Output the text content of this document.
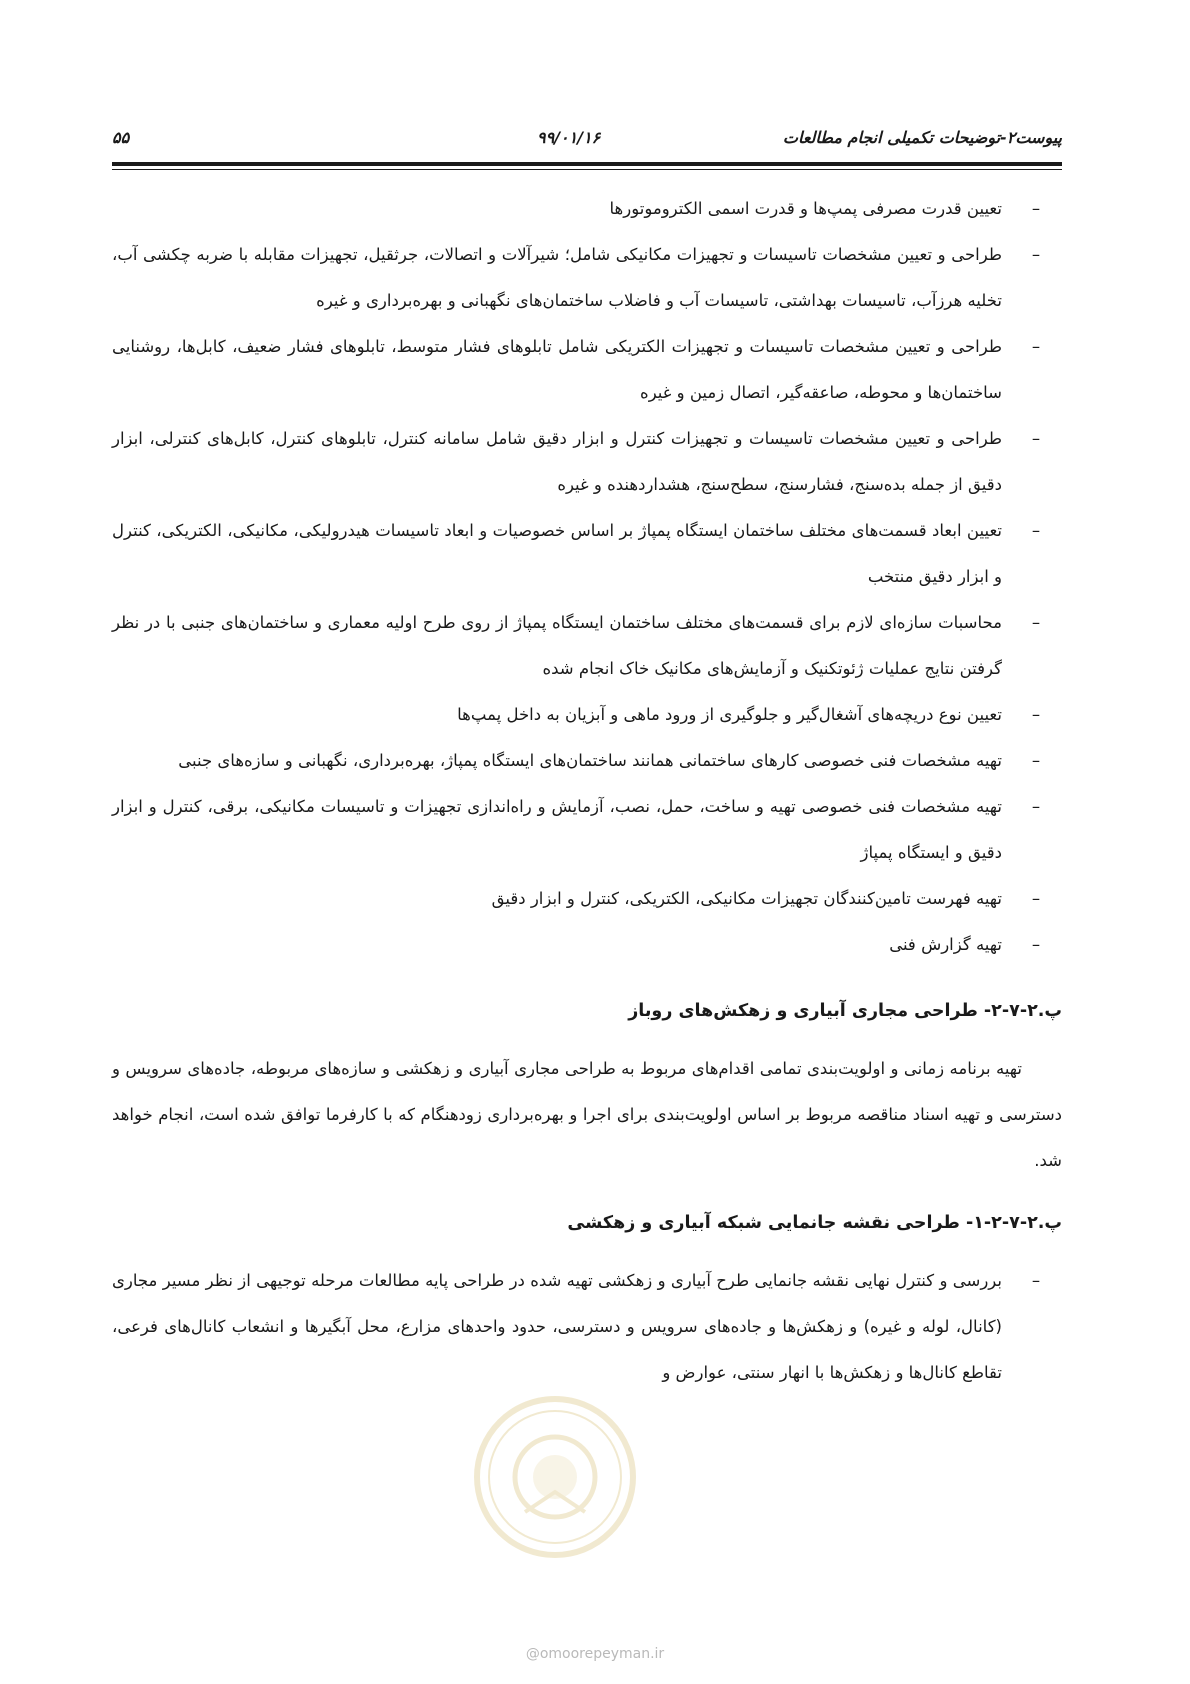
پیوست۲-توضیحات تکمیلی انجام مطالعات
۹۹/۰۱/۱۶
۵۵
–
تعیین قدرت مصرفی پمپ‌ها و قدرت اسمی الکتروموتورها
–
طراحی و تعیین مشخصات تاسیسات و تجهیزات مکانیکی شامل؛ شیرآلات و اتصالات، جرثقیل، تجهیزات مقابله با ضربه چکشی آب، تخلیه هرزآب، تاسیسات بهداشتی، تاسیسات آب و فاضلاب ساختمان‌های نگهبانی و بهره‌برداری و غیره
–
طراحی و تعیین مشخصات تاسیسات و تجهیزات الکتریکی شامل تابلوهای فشار متوسط، تابلوهای فشار ضعیف، کابل‌ها، روشنایی ساختمان‌ها و محوطه، صاعقه‌گیر، اتصال زمین و غیره
–
طراحی و تعیین مشخصات تاسیسات و تجهیزات کنترل و ابزار دقیق شامل سامانه کنترل، تابلوهای کنترل، کابل‌های کنترلی، ابزار دقیق از جمله بده‌سنج، فشارسنج، سطح‌سنج، هشداردهنده و غیره
–
تعیین ابعاد قسمت‌های مختلف ساختمان ایستگاه پمپاژ بر اساس خصوصیات و ابعاد تاسیسات هیدرولیکی، مکانیکی، الکتریکی، کنترل و ابزار دقیق منتخب
–
محاسبات سازه‌ای لازم برای قسمت‌های مختلف ساختمان ایستگاه پمپاژ از روی طرح اولیه معماری و ساختمان‌های جنبی با در نظر گرفتن نتایج عملیات ژئوتکنیک و آزمایش‌های مکانیک خاک انجام شده
–
تعیین نوع دریچه‌های آشغال‌گیر و جلوگیری از ورود ماهی و آبزیان به داخل پمپ‌ها
–
تهیه مشخصات فنی خصوصی کارهای ساختمانی همانند ساختمان‌های ایستگاه پمپاژ، بهره‌برداری، نگهبانی و سازه‌های جنبی
–
تهیه مشخصات فنی خصوصی تهیه و ساخت، حمل، نصب، آزمایش و راه‌اندازی تجهیزات و تاسیسات مکانیکی، برقی، کنترل و ابزار دقیق و ایستگاه پمپاژ
–
تهیه فهرست تامین‌کنندگان تجهیزات مکانیکی، الکتریکی، کنترل و ابزار دقیق
–
تهیه گزارش فنی
پ.۲-۷-۲- طراحی مجاری آبیاری و زهکش‌های روباز

تهیه برنامه زمانی و اولویت‌بندی تمامی اقدام‌های مربوط به طراحی مجاری آبیاری و زهکشی و سازه‌های مربوطه، جاده‌های سرویس و دسترسی و تهیه اسناد مناقصه مربوط بر اساس اولویت‌بندی برای اجرا و بهره‌برداری زودهنگام که با کارفرما توافق شده است، انجام خواهد شد.

پ.۲-۷-۲-۱- طراحی نقشه جانمایی شبکه آبیاری و زهکشی
–
بررسی و کنترل نهایی نقشه جانمایی طرح آبیاری و زهکشی تهیه شده در طراحی پایه مطالعات مرحله توجیهی از نظر مسیر مجاری (کانال، لوله و غیره) و زهکش‌ها و جاده‌های سرویس و دسترسی، حدود واحدهای مزارع، محل آبگیرها و انشعاب کانال‌های فرعی، تقاطع کانال‌ها و زهکش‌ها با انهار سنتی، عوارض و
@omoorepeyman.ir
